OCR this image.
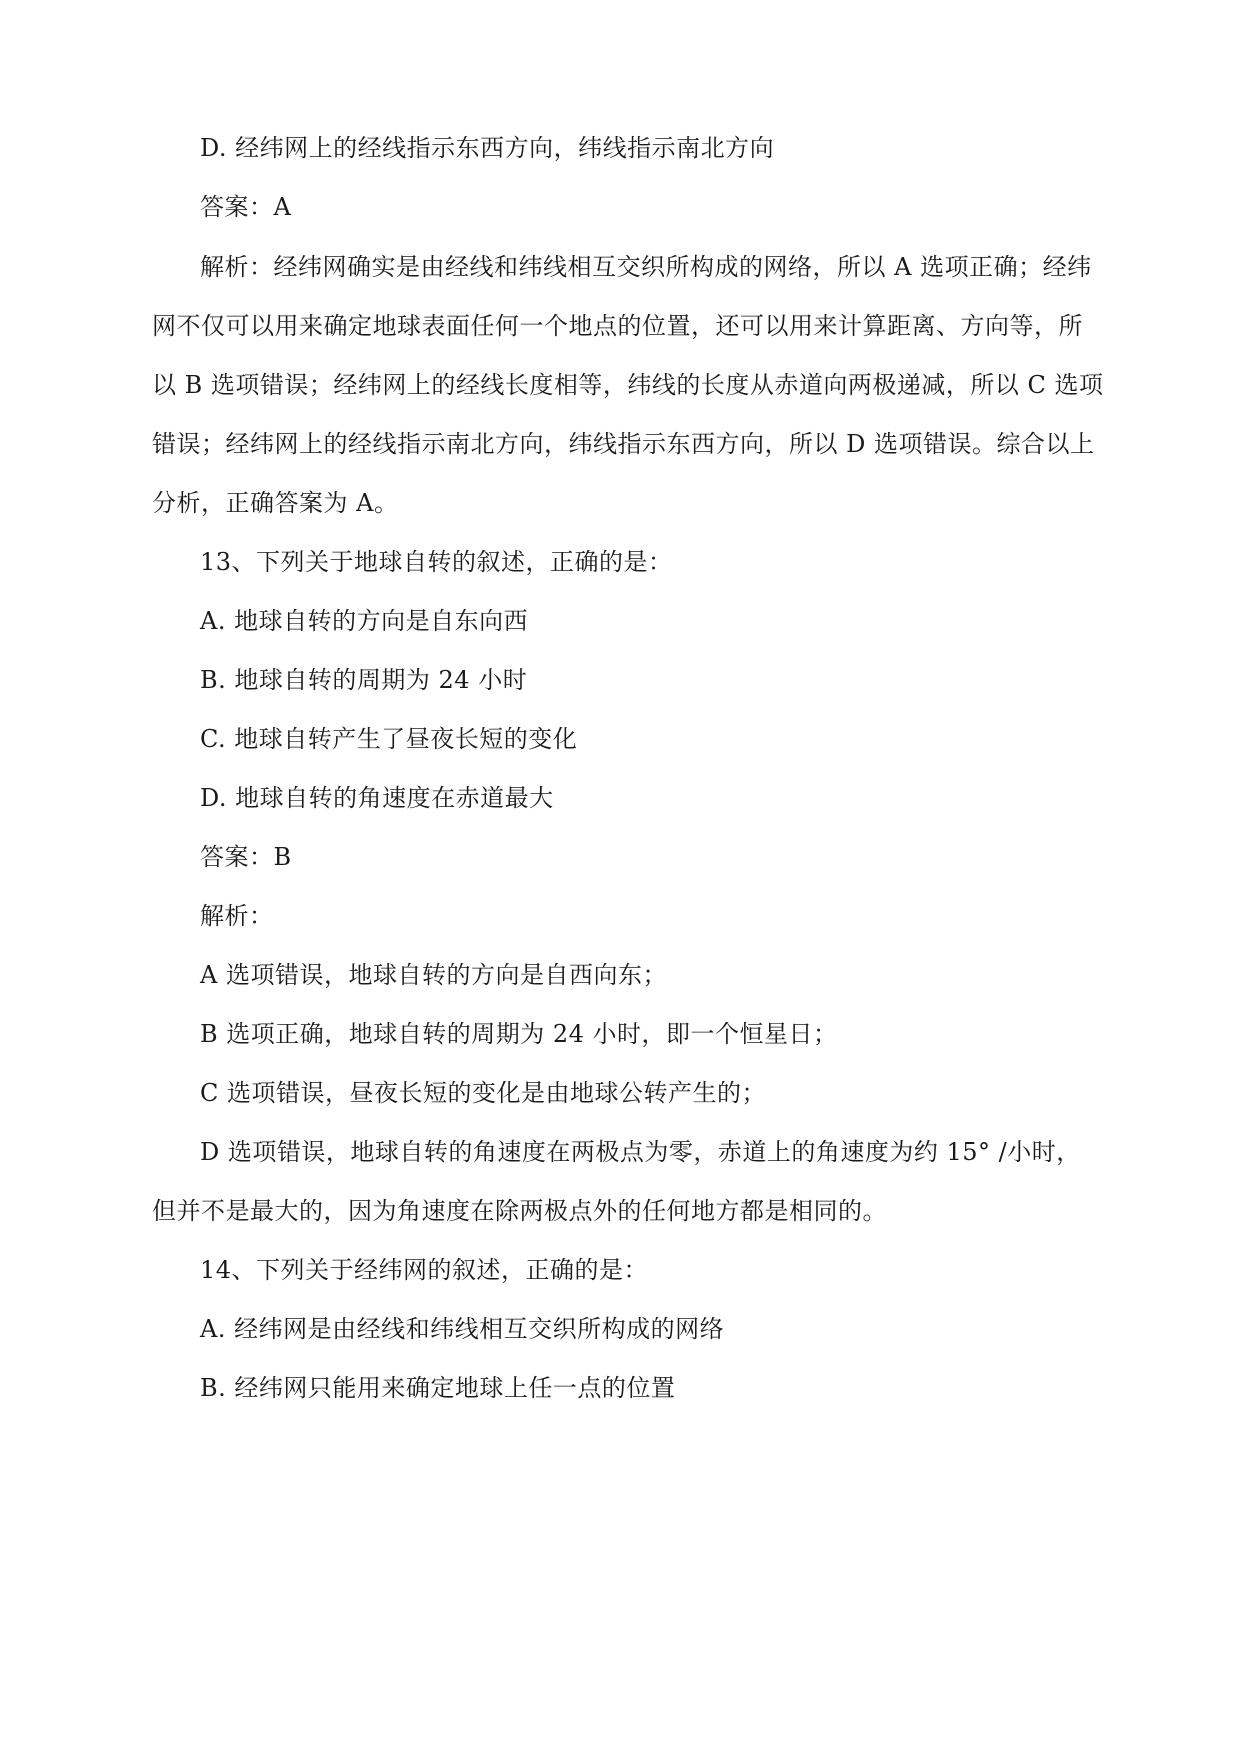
D. 经纬网上的经线指示东西方向，纬线指示南北方向
答案：A
解析：经纬网确实是由经线和纬线相互交织所构成的网络，所以 A 选项正确；经纬
网不仅可以用来确定地球表面任何一个地点的位置，还可以用来计算距离、方向等，所
以 B 选项错误；经纬网上的经线长度相等，纬线的长度从赤道向两极递减，所以 C 选项
错误；经纬网上的经线指示南北方向，纬线指示东西方向，所以 D 选项错误。综合以上
分析，正确答案为 A。
13、下列关于地球自转的叙述，正确的是：
A. 地球自转的方向是自东向西
B. 地球自转的周期为 24 小时
C. 地球自转产生了昼夜长短的变化
D. 地球自转的角速度在赤道最大
答案：B
解析：
A 选项错误，地球自转的方向是自西向东；
B 选项正确，地球自转的周期为 24 小时，即一个恒星日；
C 选项错误，昼夜长短的变化是由地球公转产生的；
D 选项错误，地球自转的角速度在两极点为零，赤道上的角速度为约 15° /小时，
但并不是最大的，因为角速度在除两极点外的任何地方都是相同的。
14、下列关于经纬网的叙述，正确的是：
A. 经纬网是由经线和纬线相互交织所构成的网络
B. 经纬网只能用来确定地球上任一点的位置
